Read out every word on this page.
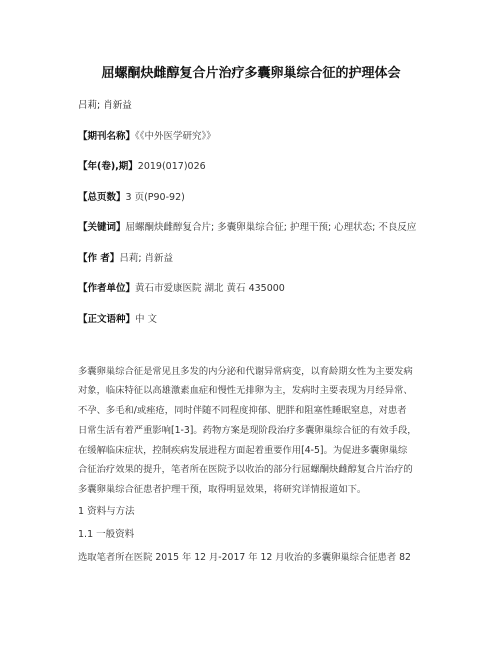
屈螺酮炔雌醇复合片治疗多囊卵巢综合征的护理体会
吕莉; 肖新益
【期刊名称】《《中外医学研究》》
【年(卷),期】2019(017)026
【总页数】3 页(P90-92)
【关键词】屈螺酮炔雌醇复合片; 多囊卵巢综合征; 护理干预; 心理状态; 不良反应
【作 者】吕莉; 肖新益
【作者单位】黄石市爱康医院 湖北 黄石 435000
【正文语种】中 文
多囊卵巢综合征是常见且多发的内分泌和代谢异常病变，以育龄期女性为主要发病
对象，临床特征以高雄激素血症和慢性无排卵为主，发病时主要表现为月经异常、
不孕、多毛和/或痤疮，同时伴随不同程度抑郁、肥胖和阻塞性睡眠窒息，对患者
日常生活有着严重影响[1-3]。药物方案是现阶段治疗多囊卵巢综合征的有效手段，
在缓解临床症状，控制疾病发展进程方面起着重要作用[4-5]。为促进多囊卵巢综
合征治疗效果的提升，笔者所在医院予以收治的部分行屈螺酮炔雌醇复合片治疗的
多囊卵巢综合征患者护理干预，取得明显效果，将研究详情报道如下。
1 资料与方法
1.1 一般资料
选取笔者所在医院 2015 年 12 月-2017 年 12 月收治的多囊卵巢综合征患者 82
